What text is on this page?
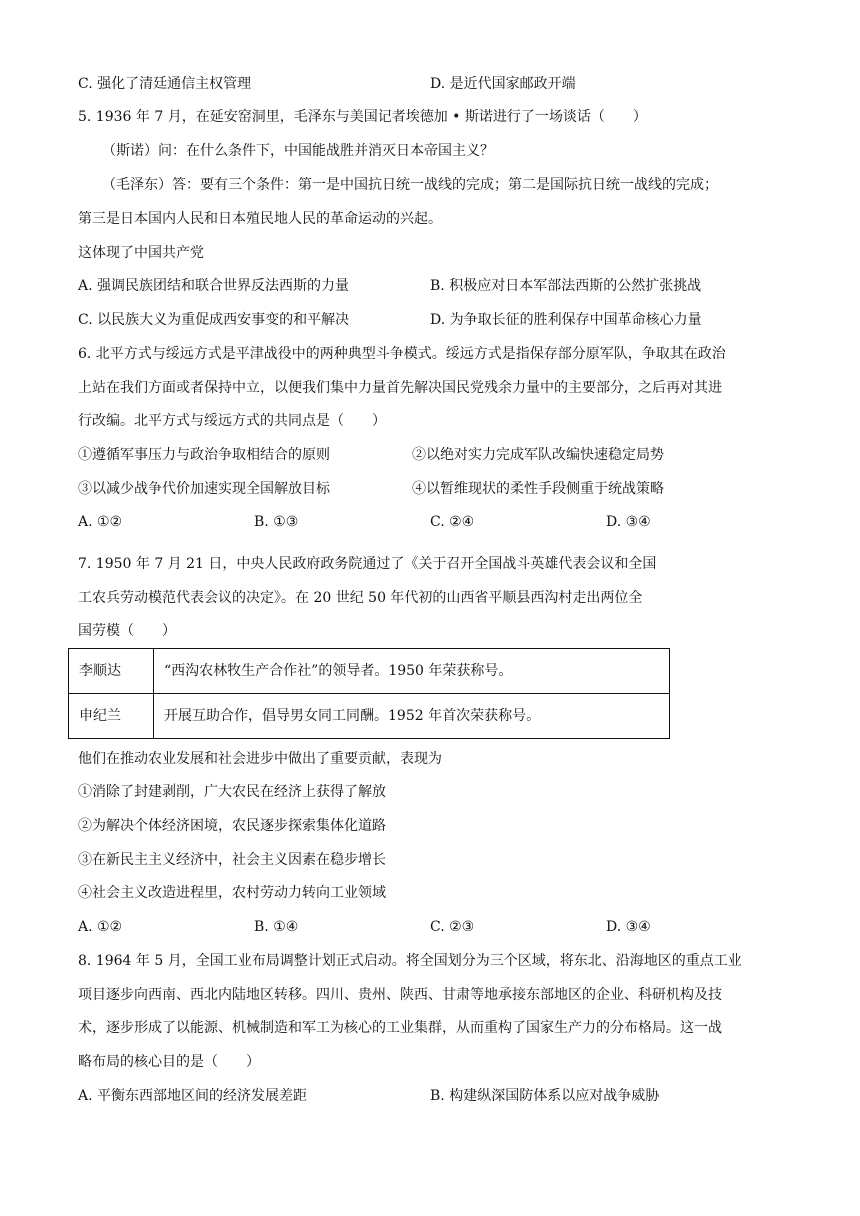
C. 强化了清廷通信主权管理	D. 是近代国家邮政开端
5. 1936 年 7 月，在延安窑洞里，毛泽东与美国记者埃德加 • 斯诺进行了一场谈话（　　）
（斯诺）问：在什么条件下，中国能战胜并消灭日本帝国主义？
（毛泽东）答：要有三个条件：第一是中国抗日统一战线的完成；第二是国际抗日统一战线的完成；
第三是日本国内人民和日本殖民地人民的革命运动的兴起。
这体现了中国共产党
A. 强调民族团结和联合世界反法西斯的力量	B. 积极应对日本军部法西斯的公然扩张挑战
C. 以民族大义为重促成西安事变的和平解决	D. 为争取长征的胜利保存中国革命核心力量
6. 北平方式与绥远方式是平津战役中的两种典型斗争模式。绥远方式是指保存部分原军队，争取其在政治
上站在我们方面或者保持中立，以便我们集中力量首先解决国民党残余力量中的主要部分，之后再对其进
行改编。北平方式与绥远方式的共同点是（　　）
①遵循军事压力与政治争取相结合的原则	②以绝对实力完成军队改编快速稳定局势
③以减少战争代价加速实现全国解放目标	④以暂维现状的柔性手段侧重于统战策略
A. ①②	B. ①③	C. ②④	D. ③④
7. 1950 年 7 月 21 日，中央人民政府政务院通过了《关于召开全国战斗英雄代表会议和全国
工农兵劳动模范代表会议的决定》。在 20 世纪 50 年代初的山西省平顺县西沟村走出两位全
国劳模（　　）
李顺达	“西沟农林牧生产合作社”的领导者。1950 年荣获称号。
申纪兰	开展互助合作，倡导男女同工同酬。1952 年首次荣获称号。
他们在推动农业发展和社会进步中做出了重要贡献，表现为
①消除了封建剥削，广大农民在经济上获得了解放
②为解决个体经济困境，农民逐步探索集体化道路
③在新民主主义经济中，社会主义因素在稳步增长
④社会主义改造进程里，农村劳动力转向工业领域
A. ①②	B. ①④	C. ②③	D. ③④
8. 1964 年 5 月，全国工业布局调整计划正式启动。将全国划分为三个区域，将东北、沿海地区的重点工业
项目逐步向西南、西北内陆地区转移。四川、贵州、陕西、甘肃等地承接东部地区的企业、科研机构及技
术，逐步形成了以能源、机械制造和军工为核心的工业集群，从而重构了国家生产力的分布格局。这一战
略布局的核心目的是（　　）
A. 平衡东西部地区间的经济发展差距	B. 构建纵深国防体系以应对战争威胁
